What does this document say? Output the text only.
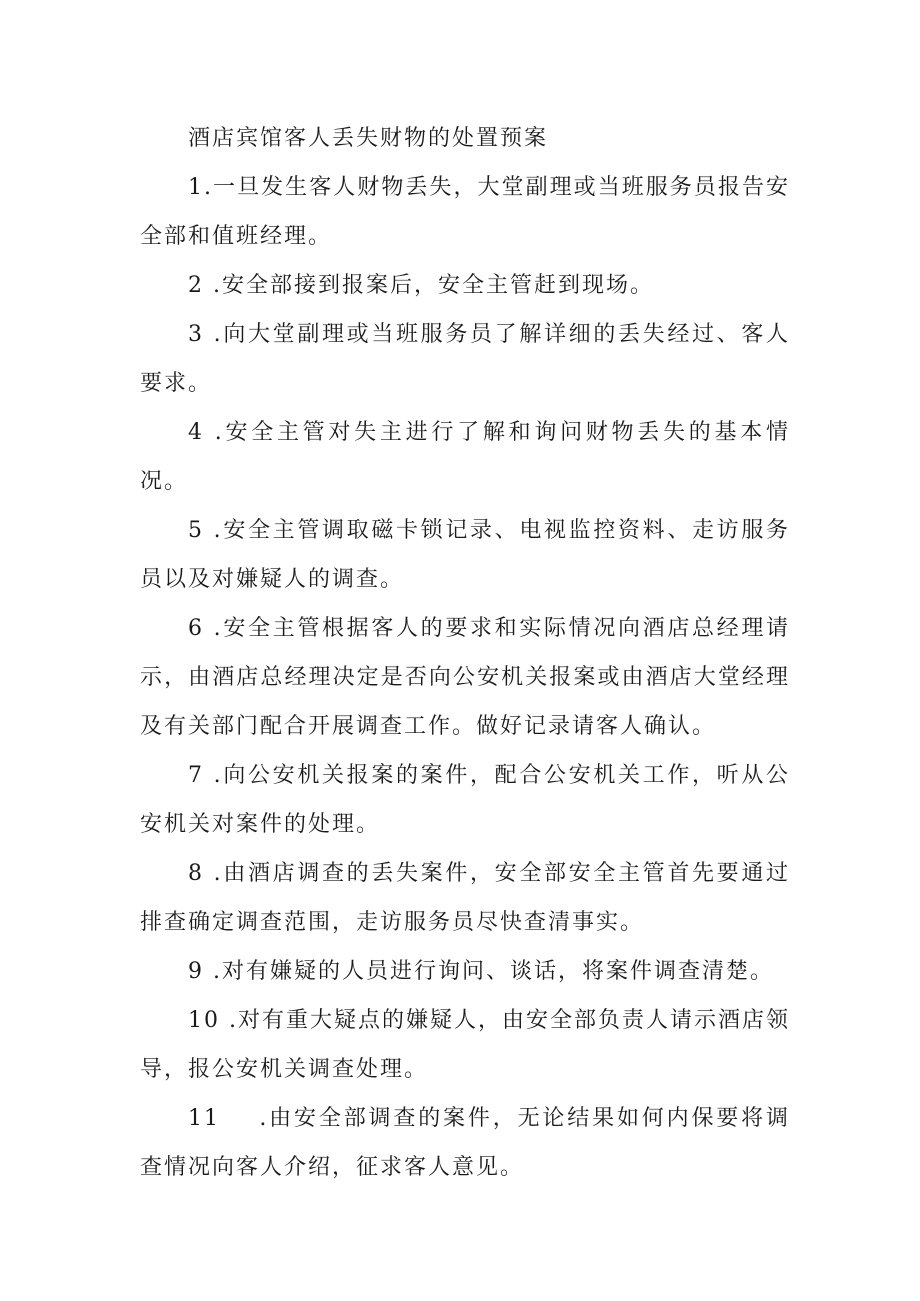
酒店宾馆客人丢失财物的处置预案

1.一旦发生客人财物丢失，大堂副理或当班服务员报告安全部和值班经理。

2 .安全部接到报案后，安全主管赶到现场。

3 .向大堂副理或当班服务员了解详细的丢失经过、客人要求。

4 .安全主管对失主进行了解和询问财物丢失的基本情况。

5 .安全主管调取磁卡锁记录、电视监控资料、走访服务员以及对嫌疑人的调查。

6 .安全主管根据客人的要求和实际情况向酒店总经理请示，由酒店总经理决定是否向公安机关报案或由酒店大堂经理及有关部门配合开展调查工作。做好记录请客人确认。

7 .向公安机关报案的案件，配合公安机关工作，听从公安机关对案件的处理。

8 .由酒店调查的丢失案件，安全部安全主管首先要通过排查确定调查范围，走访服务员尽快查清事实。

9 .对有嫌疑的人员进行询问、谈话，将案件调查清楚。

10 .对有重大疑点的嫌疑人，由安全部负责人请示酒店领导，报公安机关调查处理。

11    .由安全部调查的案件，无论结果如何内保要将调查情况向客人介绍，征求客人意见。
